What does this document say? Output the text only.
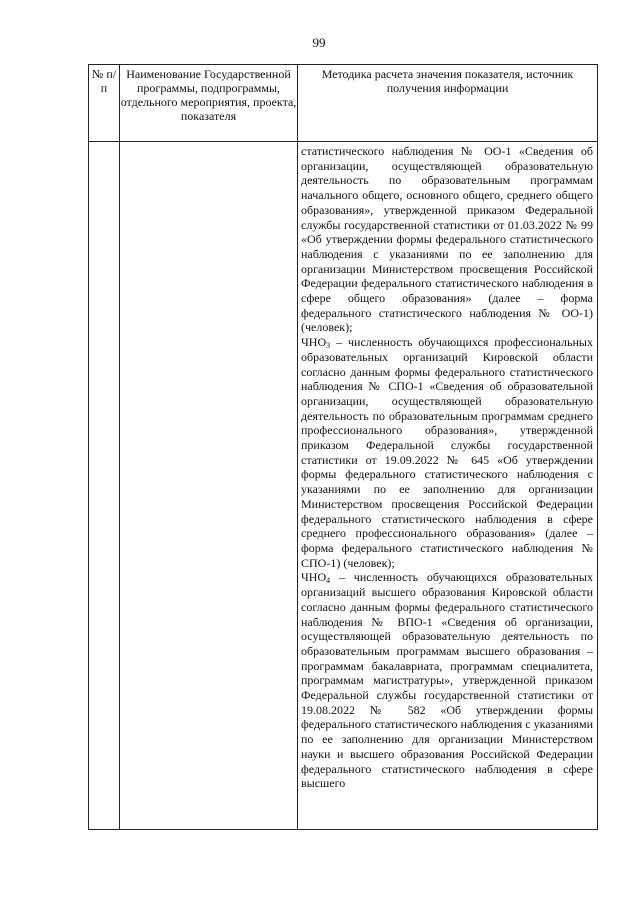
99
№ п/п
Наименование Государственной программы, подпрограммы, отдельного мероприятия, проекта, показателя
Методика расчета значения показателя, источник получения информации

статистического наблюдения № ОО-1 «Сведения об организации, осуществляющей образовательную деятельность по образовательным программам начального общего, основного общего, среднего общего образования», утвержденной приказом Федеральной службы государственной статистики от 01.03.2022 № 99 «Об утверждении формы федерального статистического наблюдения с указаниями по ее заполнению для организации Министерством просвещения Российской Федерации федерального статистического наблюдения в сфере общего образования» (далее – форма федерального статистического наблюдения № ОО-1) (человек);

$ЧНО_3$ – численность обучающихся профессиональных образовательных организаций Кировской области согласно данным формы федерального статистического наблюдения № СПО-1 «Сведения об образовательной организации, осуществляющей образовательную деятельность по образовательным программам среднего профессионального образования», утвержденной приказом Федеральной службы государственной статистики от 19.09.2022 № 645 «Об утверждении формы федерального статистического наблюдения с указаниями по ее заполнению для организации Министерством просвещения Российской Федерации федерального статистического наблюдения в сфере среднего профессионального образования» (далее – форма федерального статистического наблюдения № СПО-1) (человек);

$ЧНО_4$ – численность обучающихся образовательных организаций высшего образования Кировской области согласно данным формы федерального статистического наблюдения № ВПО-1 «Сведения об организации, осуществляющей образовательную деятельность по образовательным программам высшего образования – программам бакалавриата, программам специалитета, программам магистратуры», утвержденной приказом Федеральной службы государственной статистики от 19.08.2022 № 582 «Об утверждении формы федерального статистического наблюдения с указаниями по ее заполнению для организации Министерством науки и высшего образования Российской Федерации федерального статистического наблюдения в сфере высшего
